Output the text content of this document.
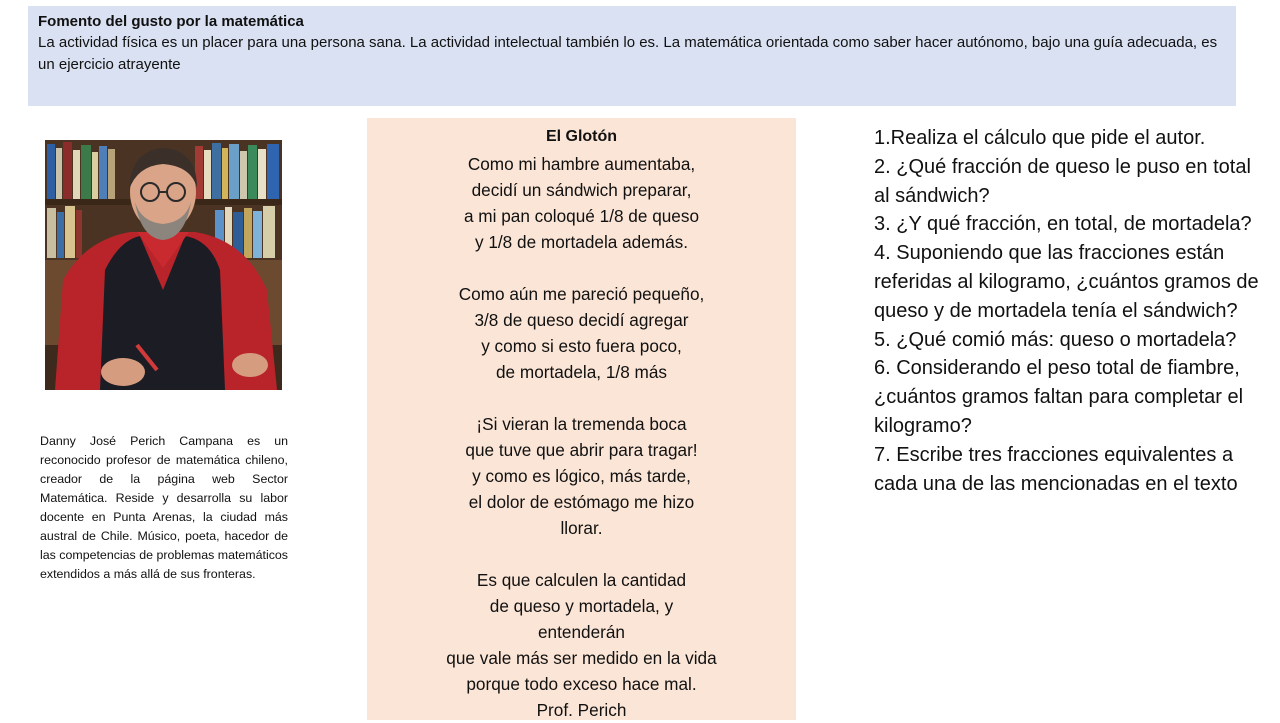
Fomento del gusto por la matemática
La actividad física es un placer para una persona sana. La actividad intelectual también lo es. La matemática orientada como saber hacer autónomo, bajo una guía adecuada, es un ejercicio atrayente
Danny José Perich Campana es un reconocido profesor de matemática chileno, creador de la página web Sector Matemática. Reside y desarrolla su labor docente en Punta Arenas, la ciudad más austral de Chile. Músico, poeta, hacedor de las competencias de problemas matemáticos extendidos a más allá de sus fronteras.
El Glotón
Como mi hambre aumentaba,
decidí un sándwich preparar,
a mi pan coloqué 1/8 de queso
y 1/8 de mortadela además.
Como aún me pareció pequeño,
3/8 de queso decidí agregar
y como si esto fuera poco,
de mortadela, 1/8 más
¡Si vieran la tremenda boca
que tuve que abrir para tragar!
y como es lógico, más tarde,
el dolor de estómago me hizo
llorar.
Es que calculen la cantidad
de queso y mortadela, y
entenderán
que vale más ser medido en la vida
porque todo exceso hace mal.
Prof. Perich
1.Realiza el cálculo que pide el autor.
2. ¿Qué fracción de queso le puso en total al sándwich?
3. ¿Y qué fracción, en total, de mortadela?
4. Suponiendo que las fracciones están referidas al kilogramo, ¿cuántos gramos de queso y de mortadela tenía el sándwich?
5. ¿Qué comió más: queso o mortadela?
6. Considerando el peso total de fiambre, ¿cuántos gramos faltan para completar el kilogramo?
7. Escribe tres fracciones equivalentes a cada una de las mencionadas en el texto
